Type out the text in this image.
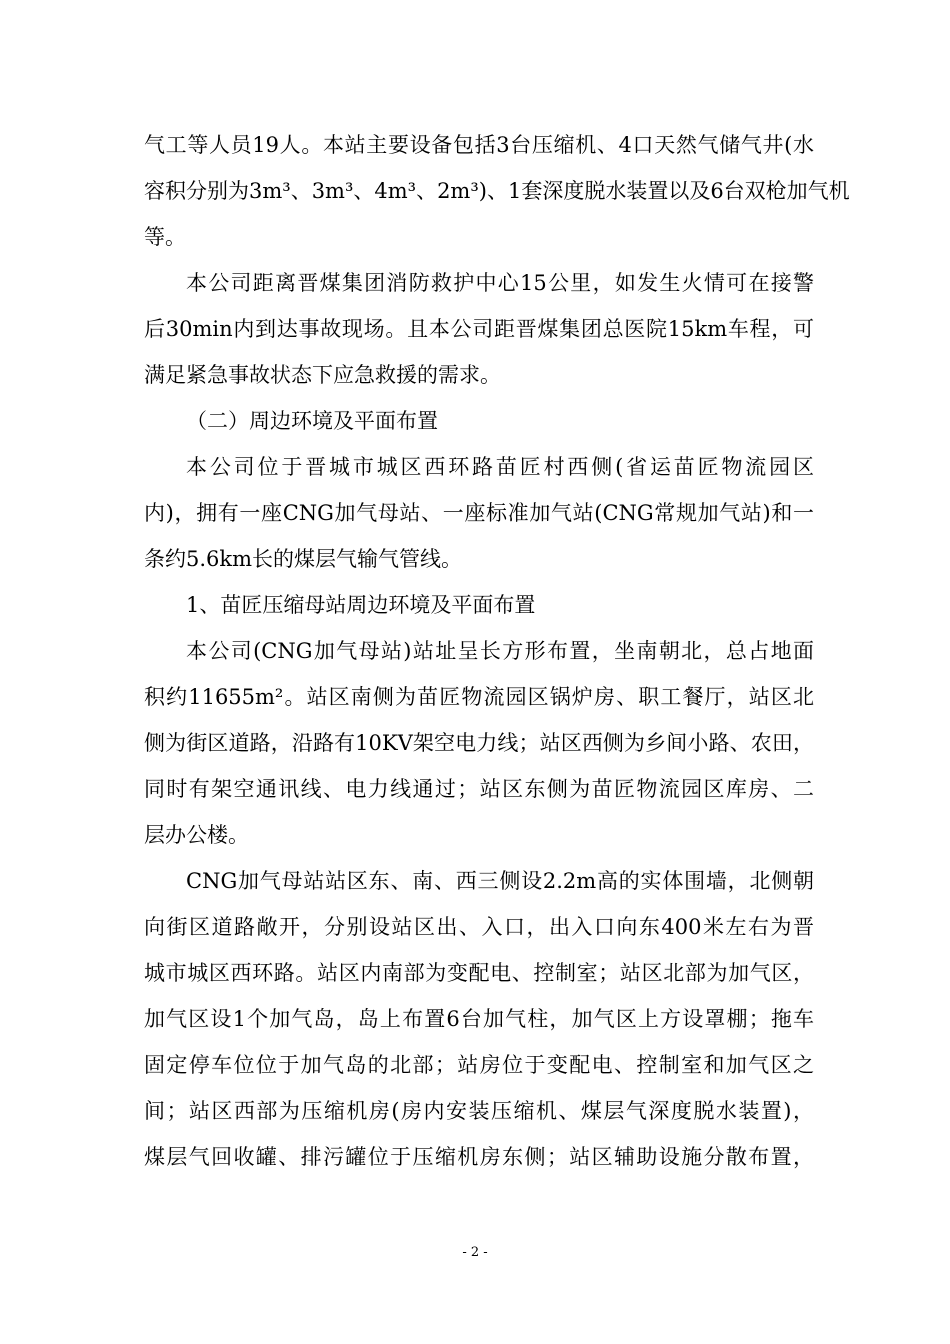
气工等人员19人。本站主要设备包括3台压缩机、4口天然气储气井(水
容积分别为3m³、3m³、4m³、2m³)、1套深度脱水装置以及6台双枪加气机
等。
本公司距离晋煤集团消防救护中心15公里，如发生火情可在接警
后30min内到达事故现场。且本公司距晋煤集团总医院15km车程，可
满足紧急事故状态下应急救援的需求。
（二）周边环境及平面布置
本公司位于晋城市城区西环路苗匠村西侧(省运苗匠物流园区
内)，拥有一座CNG加气母站、一座标准加气站(CNG常规加气站)和一
条约5.6km长的煤层气输气管线。
1、苗匠压缩母站周边环境及平面布置
本公司(CNG加气母站)站址呈长方形布置，坐南朝北，总占地面
积约11655m²。站区南侧为苗匠物流园区锅炉房、职工餐厅，站区北
侧为街区道路，沿路有10KV架空电力线；站区西侧为乡间小路、农田，
同时有架空通讯线、电力线通过；站区东侧为苗匠物流园区库房、二
层办公楼。
CNG加气母站站区东、南、西三侧设2.2m高的实体围墙，北侧朝
向街区道路敞开，分别设站区出、入口，出入口向东400米左右为晋
城市城区西环路。站区内南部为变配电、控制室；站区北部为加气区，
加气区设1个加气岛，岛上布置6台加气柱，加气区上方设罩棚；拖车
固定停车位位于加气岛的北部；站房位于变配电、控制室和加气区之
间；站区西部为压缩机房(房内安装压缩机、煤层气深度脱水装置)，
煤层气回收罐、排污罐位于压缩机房东侧；站区辅助设施分散布置，
- 2 -
